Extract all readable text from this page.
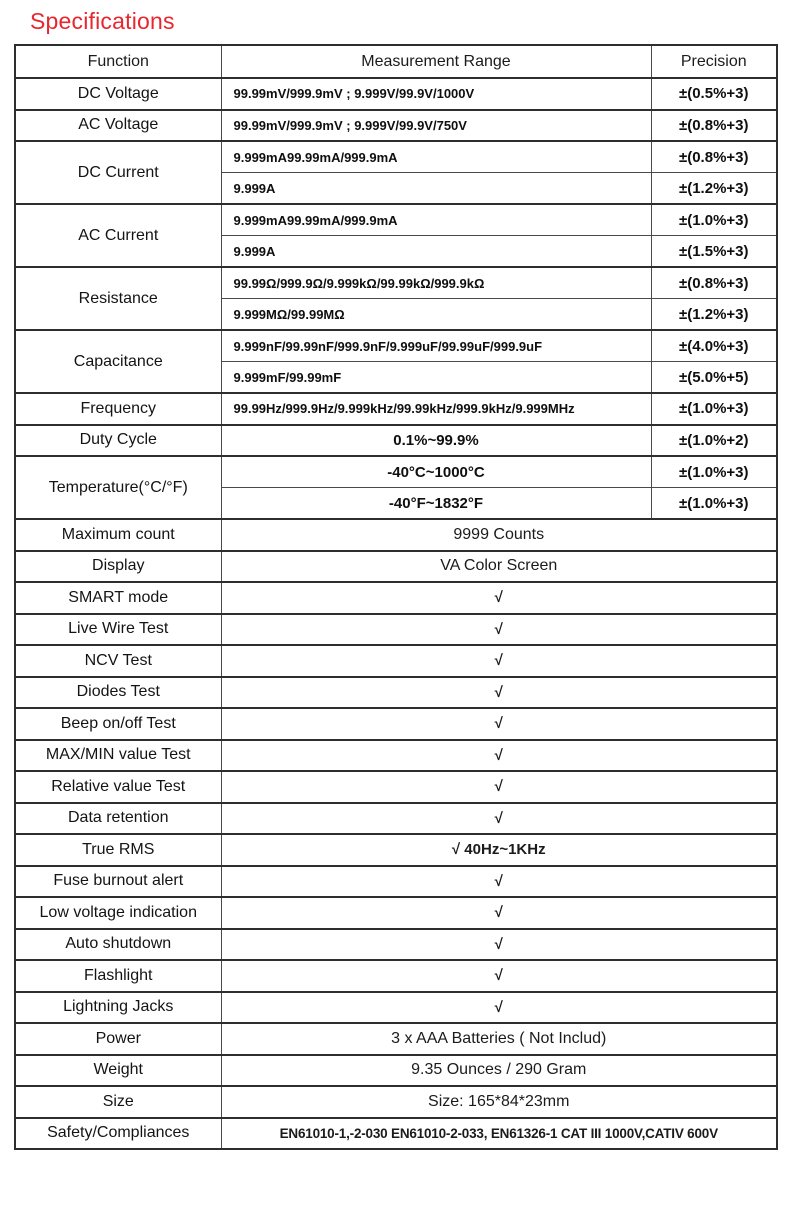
Specifications
Function	Measurement Range	Precision
DC Voltage	99.99mV/999.9mV ; 9.999V/99.9V/1000V	±(0.5%+3)
AC Voltage	99.99mV/999.9mV ; 9.999V/99.9V/750V	±(0.8%+3)
DC Current	9.999mA99.99mA/999.9mA	±(0.8%+3)
	9.999A	±(1.2%+3)
AC Current	9.999mA99.99mA/999.9mA	±(1.0%+3)
	9.999A	±(1.5%+3)
Resistance	99.99Ω/999.9Ω/9.999kΩ/99.99kΩ/999.9kΩ	±(0.8%+3)
	9.999MΩ/99.99MΩ	±(1.2%+3)
Capacitance	9.999nF/99.99nF/999.9nF/9.999uF/99.99uF/999.9uF	±(4.0%+3)
	9.999mF/99.99mF	±(5.0%+5)
Frequency	99.99Hz/999.9Hz/9.999kHz/99.99kHz/999.9kHz/9.999MHz	±(1.0%+3)
Duty Cycle	0.1%~99.9%	±(1.0%+2)
Temperature(°C/°F)	-40°C~1000°C	±(1.0%+3)
	-40°F~1832°F	±(1.0%+3)
Maximum count	9999 Counts	
Display	VA Color Screen	
SMART mode	√	
Live Wire Test	√	
NCV Test	√	
Diodes Test	√	
Beep on/off Test	√	
MAX/MIN value Test	√	
Relative value Test	√	
Data retention	√	
True RMS	√ 40Hz~1KHz	
Fuse burnout alert	√	
Low voltage indication	√	
Auto shutdown	√	
Flashlight	√	
Lightning Jacks	√	
Power	3 x AAA Batteries ( Not Includ)	
Weight	9.35 Ounces / 290 Gram	
Size	Size: 165*84*23mm	
Safety/Compliances	EN61010-1,-2-030 EN61010-2-033, EN61326-1 CAT III 1000V,CATIV 600V	
